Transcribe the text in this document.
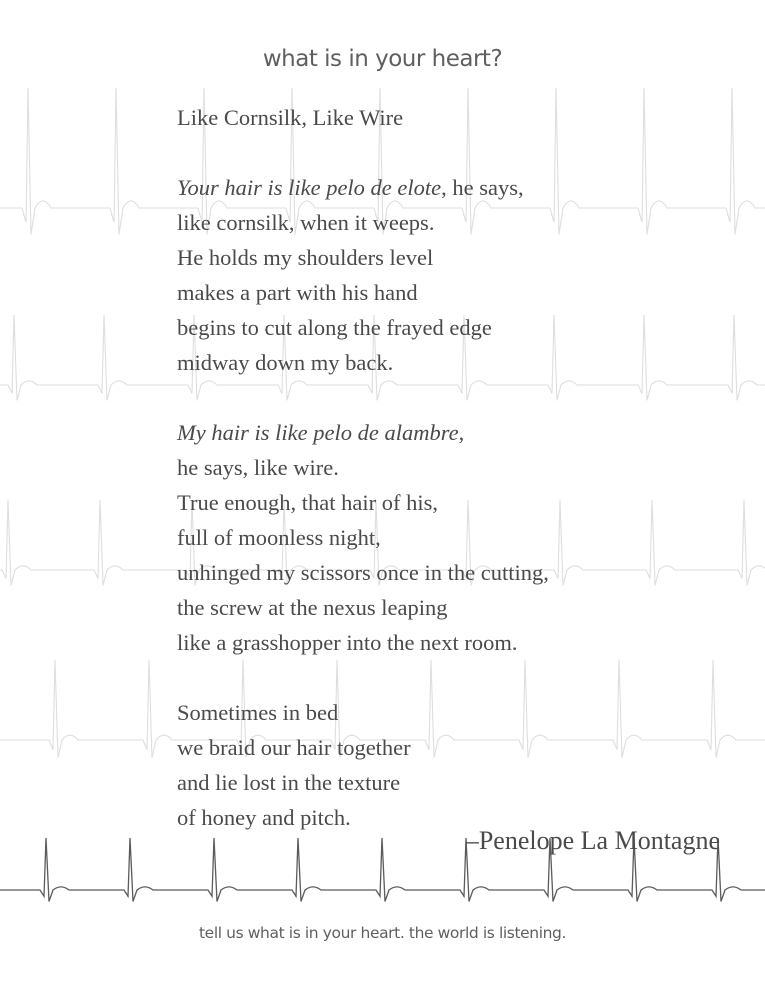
what is in your heart?
Like Cornsilk, Like Wire
Your hair is like pelo de elote, he says,
like cornsilk, when it weeps.
He holds my shoulders level
makes a part with his hand
begins to cut along the frayed edge
midway down my back.
My hair is like pelo de alambre,
he says, like wire.
True enough, that hair of his,
full of moonless night,
unhinged my scissors once in the cutting,
the screw at the nexus leaping
like a grasshopper into the next room.
Sometimes in bed
we braid our hair together
and lie lost in the texture
of honey and pitch.
–Penelope La Montagne
tell us what is in your heart. the world is listening.
